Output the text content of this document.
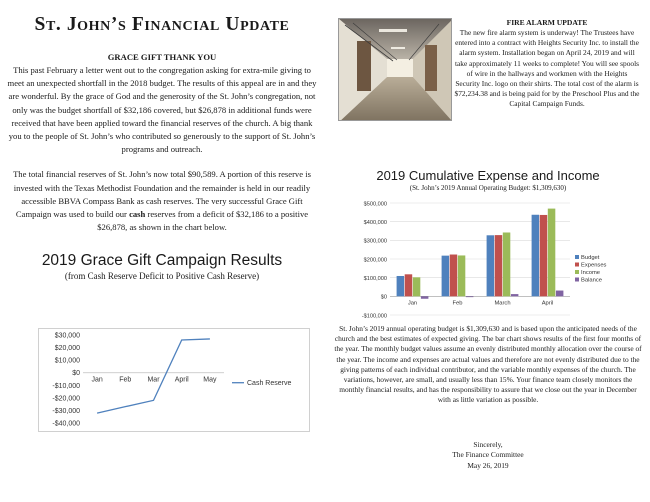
St. John’s Financial Update
GRACE GIFT THANK YOU

This past February a letter went out to the congregation asking for extra-mile giving to meet an unexpected shortfall in the 2018 budget. The results of this appeal are in and they are wonderful. By the grace of God and the generosity of the St. John’s congregation, not only was the budget shortfall of $32,186 covered, but $26,878 in additional funds were received that have been applied toward the financial reserves of the church. A big thank you to the people of St. John’s who contributed so generously to the support of St. John’s programs and outreach.

The total financial reserves of St. John’s now total $90,589. A portion of this reserve is invested with the Texas Methodist Foundation and the remainder is held in our readily accessible BBVA Compass Bank as cash reserves. The very successful Grace Gift Campaign was used to build our cash reserves from a deficit of $32,186 to a positive $26,878, as shown in the chart below.

2019 Grace Gift Campaign Results
(from Cash Reserve Deficit to Positive Cash Reserve)
$30,000
$20,000
$10,000
$0
-$10,000
-$20,000
-$30,000
-$40,000
Jan Feb Mar April May	Cash Reserve
FIRE ALARM UPDATE

The new fire alarm system is underway! The Trustees have entered into a contract with Heights Security Inc. to install the alarm system. Installation began on April 24, 2019 and will take approximately 11 weeks to complete! You will see spools of wire in the hallways and workmen with the Heights Security Inc. logo on their shirts. The total cost of the alarm is $72,234.38 and is being paid for by the Preschool Plus and the Capital Campaign Funds.

2019 Cumulative Expense and Income
(St. John’s 2019 Annual Operating Budget: $1,309,630)
$500,000
$400,000
$300,000
$200,000
$100,000
$0
-$100,000
Jan	Feb	March	April
Budget
Expenses
Income
Balance

St. John’s 2019 annual operating budget is $1,309,630 and is based upon the anticipated needs of the church and the best estimates of expected giving. The bar chart shows results of the first four months of the year. The monthly budget values assume an evenly distributed monthly allocation over the course of the year. The income and expenses are actual values and therefore are not evenly distributed due to the giving patterns of each individual contributor, and the variable monthly expenses of the church. The variations, however, are small, and usually less than 15%. Your finance team closely monitors the monthly financial results, and has the responsibility to assure that we close out the year in December with as little variation as possible.

Sincerely,
The Finance Committee
May 26, 2019
